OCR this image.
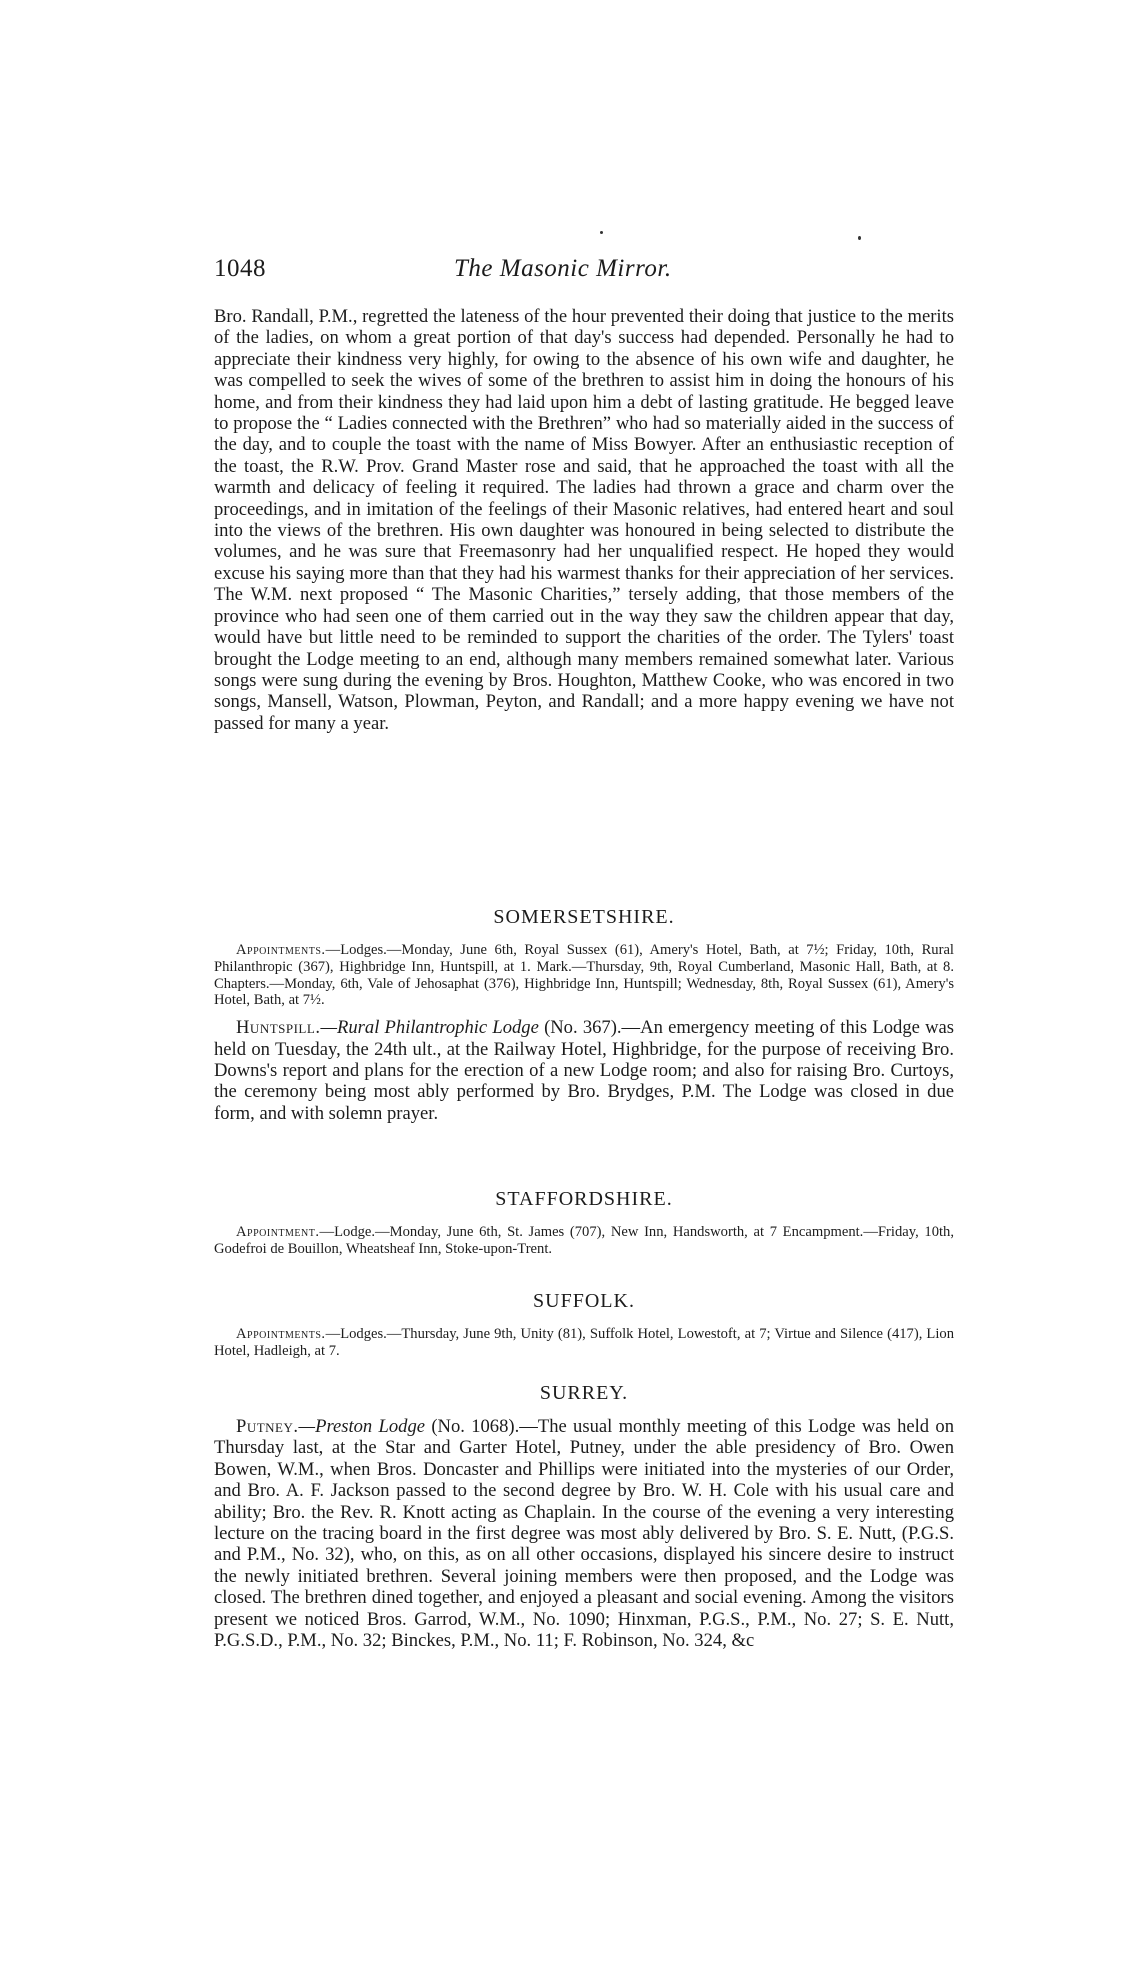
1048	The Masonic Mirror.

Bro. Randall, P.M., regretted the lateness of the hour prevented their doing that justice to the merits of the ladies, on whom a great portion of that day's success had depended. Personally he had to appreciate their kindness very highly, for owing to the absence of his own wife and daughter, he was compelled to seek the wives of some of the brethren to assist him in doing the honours of his home, and from their kindness they had laid upon him a debt of lasting gratitude. He begged leave to propose the “ Ladies connected with the Brethren” who had so materially aided in the success of the day, and to couple the toast with the name of Miss Bowyer. After an enthusiastic reception of the toast, the R.W. Prov. Grand Master rose and said, that he approached the toast with all the warmth and delicacy of feeling it required. The ladies had thrown a grace and charm over the proceedings, and in imitation of the feelings of their Masonic relatives, had entered heart and soul into the views of the brethren. His own daughter was honoured in being selected to distribute the volumes, and he was sure that Freemasonry had her unqualified respect. He hoped they would excuse his saying more than that they had his warmest thanks for their appreciation of her services. The W.M. next proposed “ The Masonic Charities,” tersely adding, that those members of the province who had seen one of them carried out in the way they saw the children appear that day, would have but little need to be reminded to support the charities of the order. The Tylers' toast brought the Lodge meeting to an end, although many members remained somewhat later. Various songs were sung during the evening by Bros. Houghton, Matthew Cooke, who was encored in two songs, Mansell, Watson, Plowman, Peyton, and Randall; and a more happy evening we have not passed for many a year.

SOMERSETSHIRE.

Appointments.—Lodges.—Monday, June 6th, Royal Sussex (61), Amery's Hotel, Bath, at 7½; Friday, 10th, Rural Philanthropic (367), Highbridge Inn, Huntspill, at 1. Mark.—Thursday, 9th, Royal Cumberland, Masonic Hall, Bath, at 8. Chapters.—Monday, 6th, Vale of Jehosaphat (376), Highbridge Inn, Huntspill; Wednesday, 8th, Royal Sussex (61), Amery's Hotel, Bath, at 7½.

Huntspill.—Rural Philantrophic Lodge (No. 367).—An emergency meeting of this Lodge was held on Tuesday, the 24th ult., at the Railway Hotel, Highbridge, for the purpose of receiving Bro. Downs's report and plans for the erection of a new Lodge room; and also for raising Bro. Curtoys, the ceremony being most ably performed by Bro. Brydges, P.M. The Lodge was closed in due form, and with solemn prayer.

STAFFORDSHIRE.

Appointment.—Lodge.—Monday, June 6th, St. James (707), New Inn, Handsworth, at 7 Encampment.—Friday, 10th, Godefroi de Bouillon, Wheatsheaf Inn, Stoke-upon-Trent.

SUFFOLK.

Appointments.—Lodges.—Thursday, June 9th, Unity (81), Suffolk Hotel, Lowestoft, at 7; Virtue and Silence (417), Lion Hotel, Hadleigh, at 7.

SURREY.

Putney.—Preston Lodge (No. 1068).—The usual monthly meeting of this Lodge was held on Thursday last, at the Star and Garter Hotel, Putney, under the able presidency of Bro. Owen Bowen, W.M., when Bros. Doncaster and Phillips were initiated into the mysteries of our Order, and Bro. A. F. Jackson passed to the second degree by Bro. W. H. Cole with his usual care and ability; Bro. the Rev. R. Knott acting as Chaplain. In the course of the evening a very interesting lecture on the tracing board in the first degree was most ably delivered by Bro. S. E. Nutt, (P.G.S. and P.M., No. 32), who, on this, as on all other occasions, displayed his sincere desire to instruct the newly initiated brethren. Several joining members were then proposed, and the Lodge was closed. The brethren dined together, and enjoyed a pleasant and social evening. Among the visitors present we noticed Bros. Garrod, W.M., No. 1090; Hinxman, P.G.S., P.M., No. 27; S. E. Nutt, P.G.S.D., P.M., No. 32; Binckes, P.M., No. 11; F. Robinson, No. 324, &c
